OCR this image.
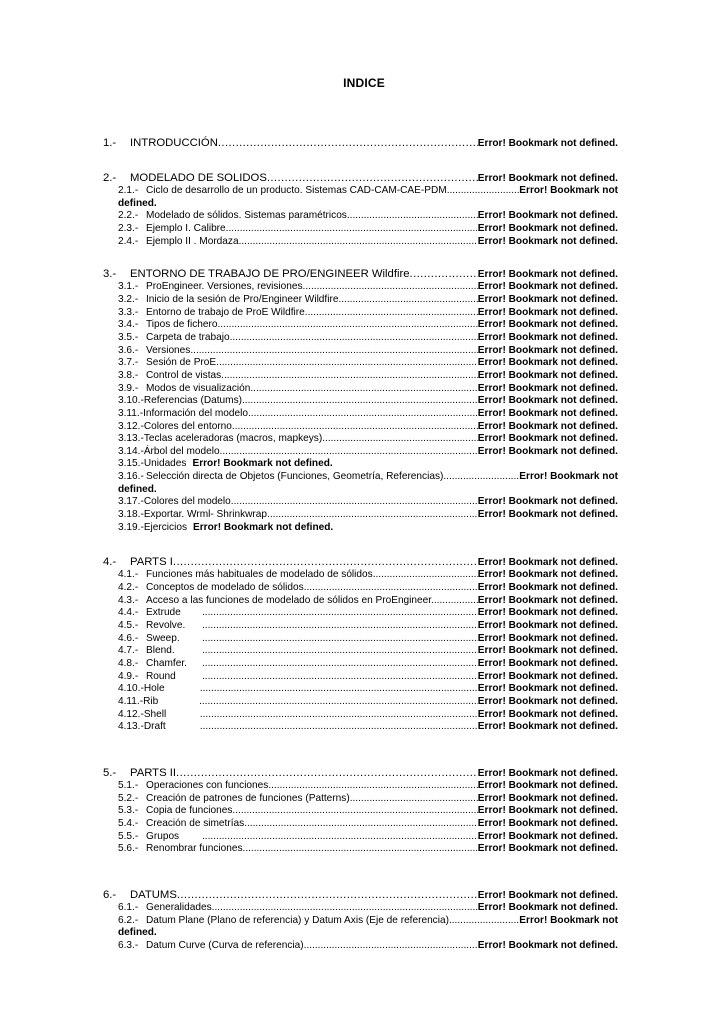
INDICE
1.-	INTRODUCCIÓN .....	Error! Bookmark not defined.
2.-	MODELADO DE SOLIDOS .....	Error! Bookmark not defined.
2.1.- Ciclo de desarrollo de un producto. Sistemas CAD-CAM-CAE-PDM .....	Error! Bookmark not
defined.
2.2.- Modelado de sólidos. Sistemas paramétricos .....	Error! Bookmark not defined.
2.3.- Ejemplo I. Calibre .....	Error! Bookmark not defined.
2.4.- Ejemplo II . Mordaza .....	Error! Bookmark not defined.
3.-	ENTORNO DE TRABAJO DE PRO/ENGINEER Wildfire .....	Error! Bookmark not defined.
3.1.- ProEngineer. Versiones, revisiones .....	Error! Bookmark not defined.
3.2.- Inicio de la sesión de Pro/Engineer Wildfire .....	Error! Bookmark not defined.
3.3.- Entorno de trabajo de ProE Wildfire .....	Error! Bookmark not defined.
3.4.- Tipos de fichero. .....	Error! Bookmark not defined.
3.5.- Carpeta de trabajo. .....	Error! Bookmark not defined.
3.6.- Versiones. .....	Error! Bookmark not defined.
3.7.- Sesión de ProE. .....	Error! Bookmark not defined.
3.8.- Control de vistas. .....	Error! Bookmark not defined.
3.9.- Modos de visualización. .....	Error! Bookmark not defined.
3.10.- Referencias (Datums) .....	Error! Bookmark not defined.
3.11.- Información del modelo .....	Error! Bookmark not defined.
3.12.- Colores del entorno .....	Error! Bookmark not defined.
3.13.- Teclas aceleradoras (macros, mapkeys). .....	Error! Bookmark not defined.
3.14.- Árbol del modelo. .....	Error! Bookmark not defined.
3.15.- Unidades Error! Bookmark not defined.
3.16.- Selección directa de Objetos (Funciones, Geometría, Referencias) .....	Error! Bookmark not
defined.
3.17.- Colores del modelo .....	Error! Bookmark not defined.
3.18.- Exportar. Wrml- Shrinkwrap .....	Error! Bookmark not defined.
3.19.- Ejercicios Error! Bookmark not defined.
4.-	PARTS I .....	Error! Bookmark not defined.
4.1.- Funciones más habituales de modelado de sólidos .....	Error! Bookmark not defined.
4.2.- Conceptos de modelado de sólidos .....	Error! Bookmark not defined.
4.3.- Acceso a las funciones de modelado de sólidos en ProEngineer. .....	Error! Bookmark not defined.
4.4.- Extrude .....	Error! Bookmark not defined.
4.5.- Revolve. .....	Error! Bookmark not defined.
4.6.- Sweep. .....	Error! Bookmark not defined.
4.7.- Blend. .....	Error! Bookmark not defined.
4.8.- Chamfer. .....	Error! Bookmark not defined.
4.9.- Round .....	Error! Bookmark not defined.
4.10.- Hole .....	Error! Bookmark not defined.
4.11.- Rib .....	Error! Bookmark not defined.
4.12.- Shell .....	Error! Bookmark not defined.
4.13.- Draft .....	Error! Bookmark not defined.
5.-	PARTS II .....	Error! Bookmark not defined.
5.1.- Operaciones con funciones .....	Error! Bookmark not defined.
5.2.- Creación de patrones de funciones (Patterns) .....	Error! Bookmark not defined.
5.3.- Copia de funciones .....	Error! Bookmark not defined.
5.4.- Creación de simetrías .....	Error! Bookmark not defined.
5.5.- Grupos .....	Error! Bookmark not defined.
5.6.- Renombrar funciones .....	Error! Bookmark not defined.
6.-	DATUMS .....	Error! Bookmark not defined.
6.1.- Generalidades .....	Error! Bookmark not defined.
6.2.- Datum Plane (Plano de referencia) y Datum Axis (Eje de referencia) .....	Error! Bookmark not
defined.
6.3.- Datum Curve (Curva de referencia) .....	Error! Bookmark not defined.
